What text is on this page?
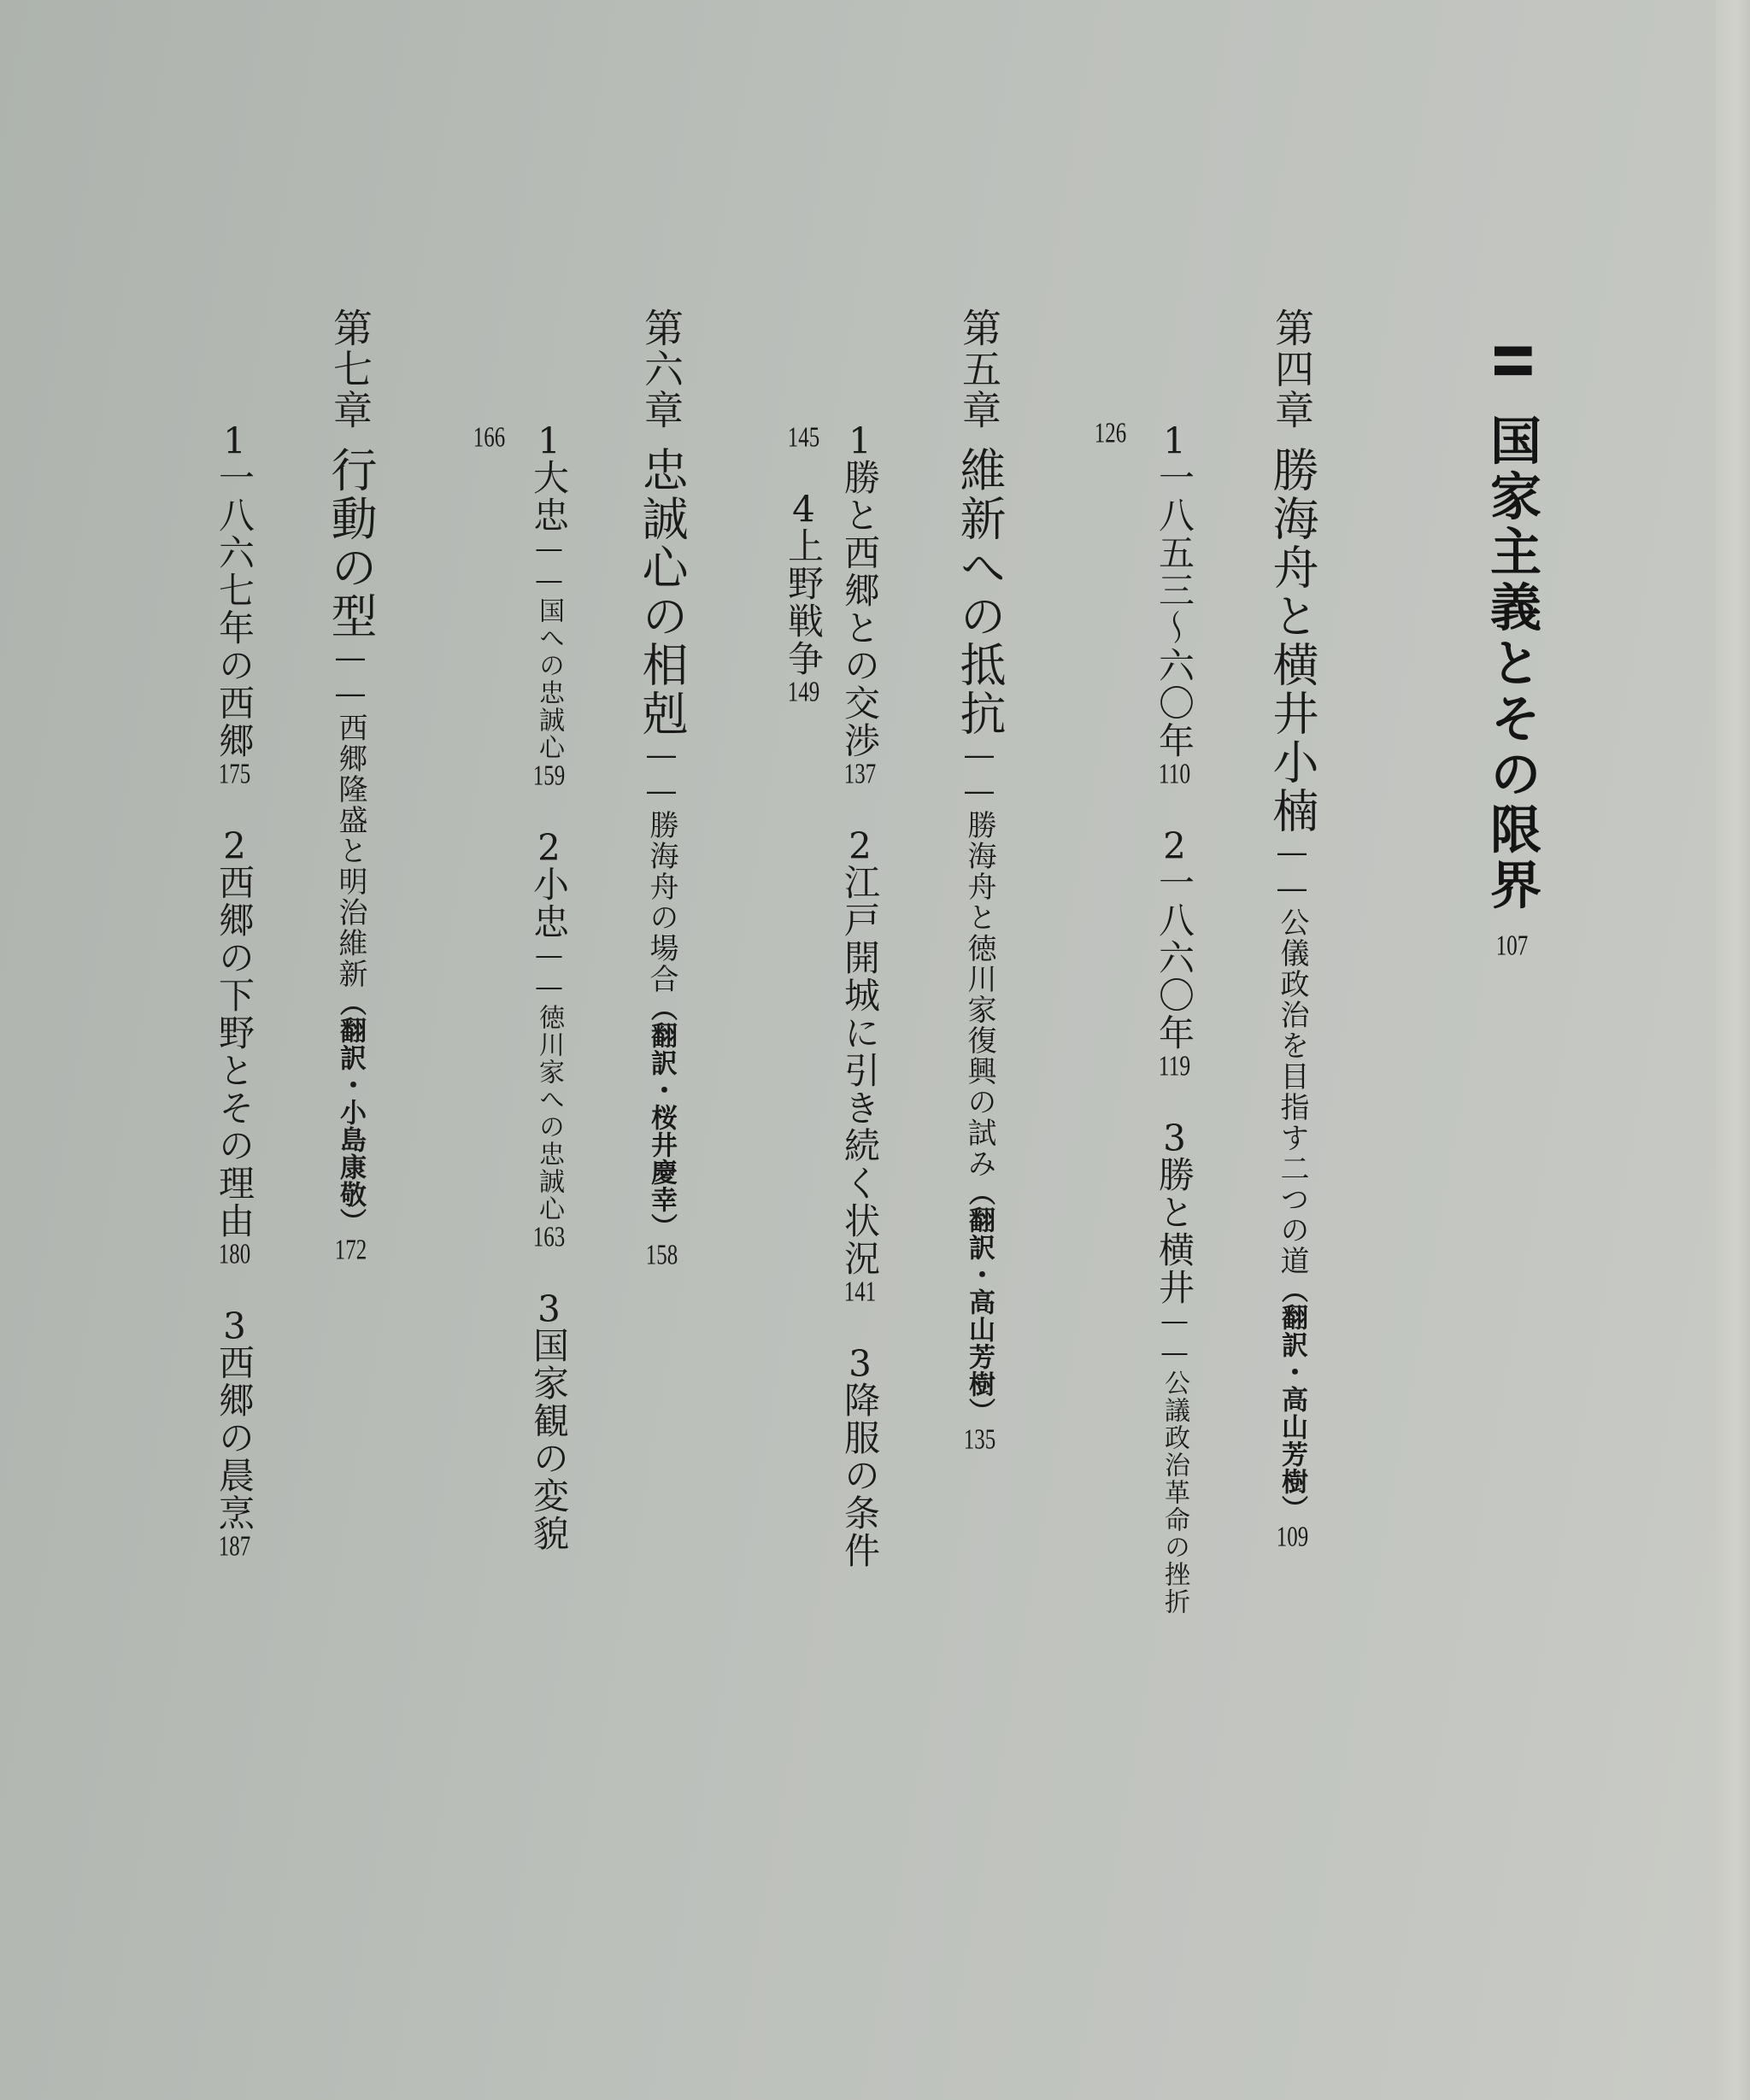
II国家主義とその限界107
第四章勝海舟と横井小楠――公儀政治を目指す二つの道（翻訳・高山芳樹）109
1一八五三～六〇年1102一八六〇年1193勝と横井――公議政治革命の挫折
126
第五章維新への抵抗――勝海舟と徳川家復興の試み（翻訳・高山芳樹）135
1勝と西郷との交渉1372江戸開城に引き続く状況1413降服の条件
1454上野戦争149
第六章忠誠心の相剋――勝海舟の場合（翻訳・桜井慶幸）158
1大忠――国への忠誠心1592小忠――徳川家への忠誠心1633国家観の変貌
166
第七章行動の型――西郷隆盛と明治維新（翻訳・小島康敬）172
1一八六七年の西郷1752西郷の下野とその理由1803西郷の晨烹187
